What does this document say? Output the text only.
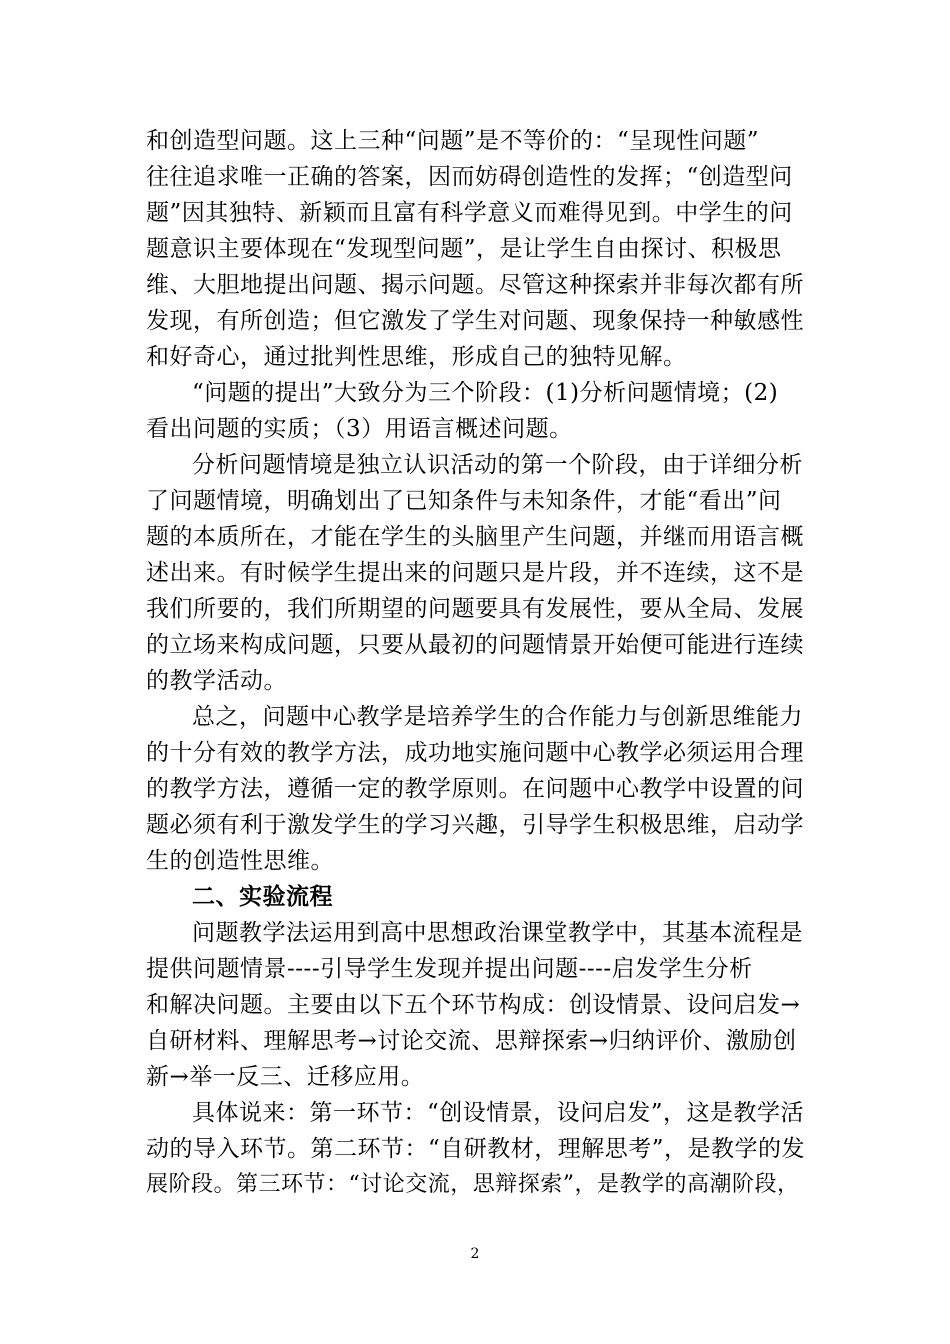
和创造型问题。这上三种“问题”是不等价的：“呈现性问题”
往往追求唯一正确的答案，因而妨碍创造性的发挥；“创造型问
题”因其独特、新颖而且富有科学意义而难得见到。中学生的问
题意识主要体现在“发现型问题”，是让学生自由探讨、积极思
维、大胆地提出问题、揭示问题。尽管这种探索并非每次都有所
发现，有所创造；但它激发了学生对问题、现象保持一种敏感性
和好奇心，通过批判性思维，形成自己的独特见解。
“问题的提出”大致分为三个阶段：(1)分析问题情境；(2)
看出问题的实质；（3）用语言概述问题。
分析问题情境是独立认识活动的第一个阶段，由于详细分析
了问题情境，明确划出了已知条件与未知条件，才能“看出”问
题的本质所在，才能在学生的头脑里产生问题，并继而用语言概
述出来。有时候学生提出来的问题只是片段，并不连续，这不是
我们所要的，我们所期望的问题要具有发展性，要从全局、发展
的立场来构成问题，只要从最初的问题情景开始便可能进行连续
的教学活动。
总之，问题中心教学是培养学生的合作能力与创新思维能力
的十分有效的教学方法，成功地实施问题中心教学必须运用合理
的教学方法，遵循一定的教学原则。在问题中心教学中设置的问
题必须有利于激发学生的学习兴趣，引导学生积极思维，启动学
生的创造性思维。
二、实验流程
问题教学法运用到高中思想政治课堂教学中，其基本流程是
提供问题情景----引导学生发现并提出问题----启发学生分析
和解决问题。主要由以下五个环节构成：创设情景、设问启发→
自研材料、理解思考→讨论交流、思辩探索→归纳评价、激励创
新→举一反三、迁移应用。
具体说来：第一环节：“创设情景，设问启发”，这是教学活
动的导入环节。第二环节：“自研教材，理解思考”，是教学的发
展阶段。第三环节：“讨论交流，思辩探索”，是教学的高潮阶段，
2
